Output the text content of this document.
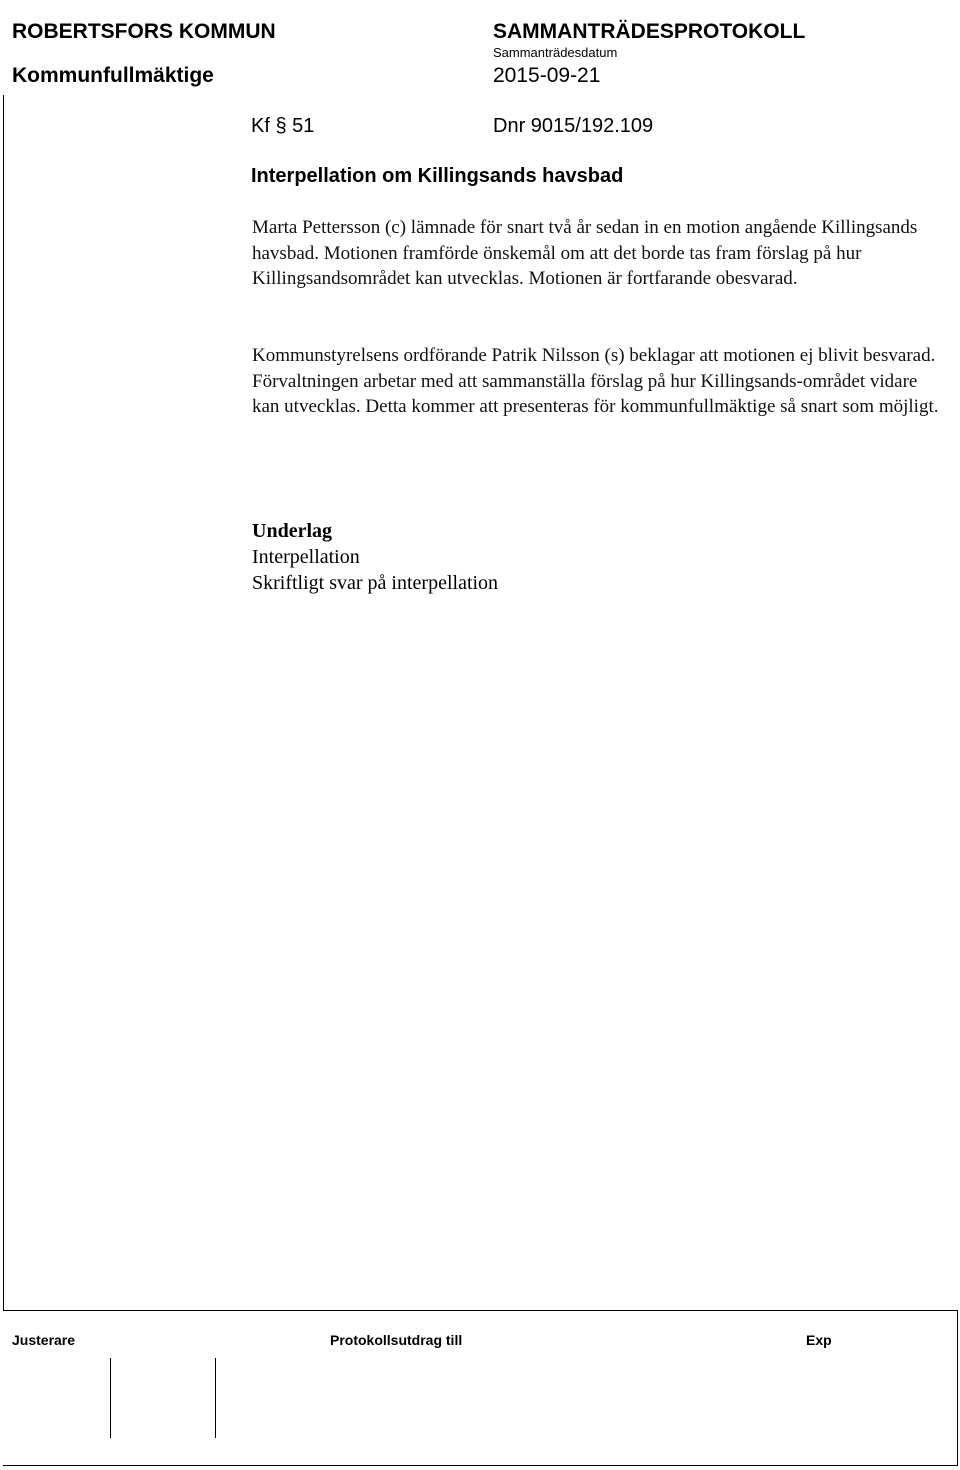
ROBERTSFORS KOMMUN	SAMMANTRÄDESPROTOKOLL
Sammanträdesdatum
Kommunfullmäktige	2015-09-21
Kf § 51	Dnr 9015/192.109
Interpellation om Killingsands havsbad

Marta Pettersson (c) lämnade för snart två år sedan in en motion angående Killingsands havsbad. Motionen framförde önskemål om att det borde tas fram förslag på hur Killingsandsområdet kan utvecklas. Motionen är fortfarande obesvarad.

Kommunstyrelsens ordförande Patrik Nilsson (s) beklagar att motionen ej blivit besvarad. Förvaltningen arbetar med att sammanställa förslag på hur Killingsands-området vidare kan utvecklas. Detta kommer att presenteras för kommunfullmäktige så snart som möjligt.

Underlag
Interpellation
Skriftligt svar på interpellation
Justerare	Protokollsutdrag till	Exp
